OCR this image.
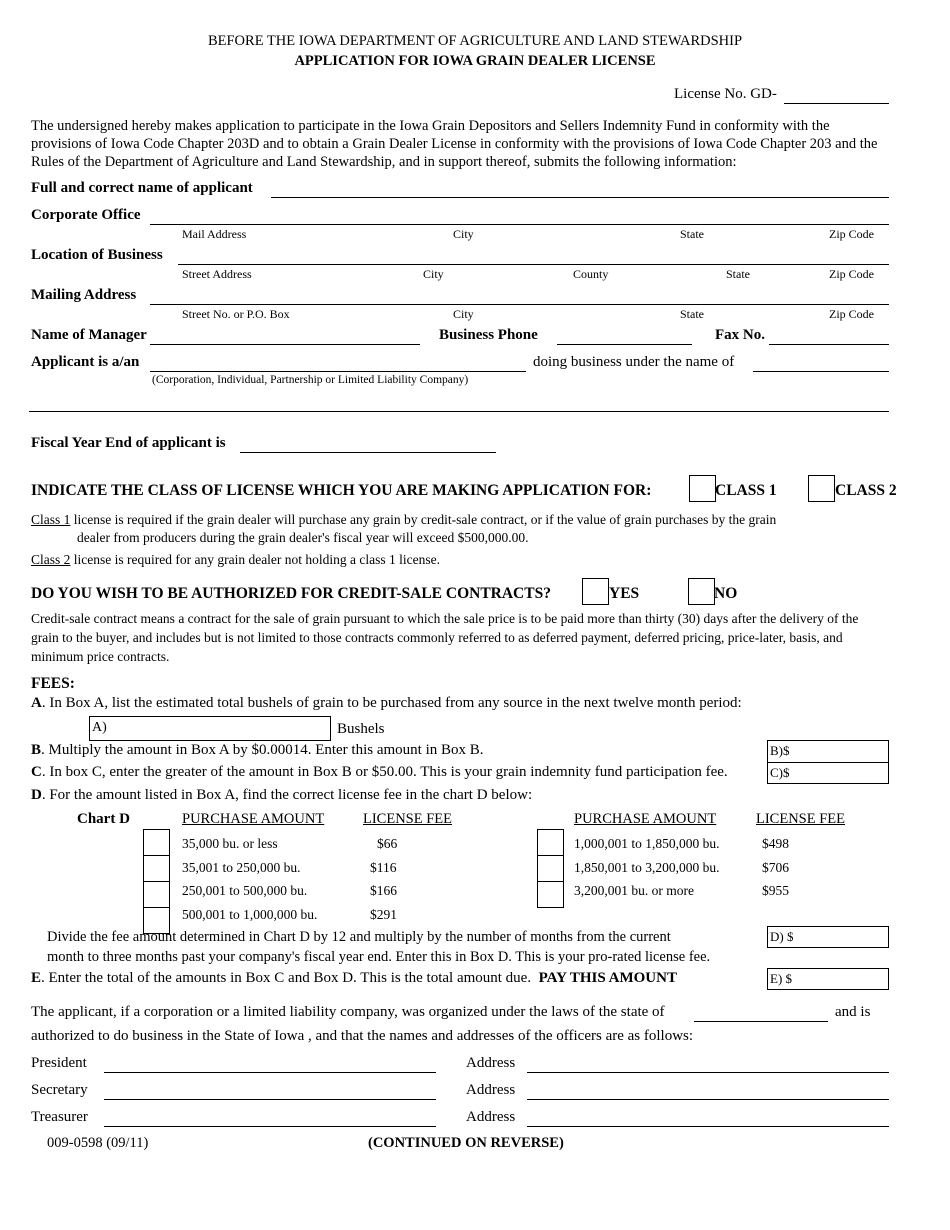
BEFORE THE IOWA DEPARTMENT OF AGRICULTURE AND LAND STEWARDSHIP
APPLICATION FOR IOWA GRAIN DEALER LICENSE
License No. GD-
The undersigned hereby makes application to participate in the Iowa Grain Depositors and Sellers Indemnity Fund in conformity with the provisions of Iowa Code Chapter 203D and to obtain a Grain Dealer License in conformity with the provisions of Iowa Code Chapter 203 and the Rules of the Department of Agriculture and Land Stewardship, and in support thereof, submits the following information:
Full and correct name of applicant
Corporate Office
Mail Address	City	State	Zip Code
Location of Business
Street Address	City	County	State	Zip Code
Mailing Address
Street No. or P.O. Box	City	State	Zip Code
Name of Manager	Business Phone	Fax No.
Applicant is a/an	doing business under the name of
(Corporation, Individual, Partnership or Limited Liability Company)
Fiscal Year End of applicant is
INDICATE THE CLASS OF LICENSE WHICH YOU ARE MAKING APPLICATION FOR:	CLASS 1	CLASS 2
Class 1 license is required if the grain dealer will purchase any grain by credit-sale contract, or if the value of grain purchases by the grain
dealer from producers during the grain dealer's fiscal year will exceed $500,000.00.
Class 2 license is required for any grain dealer not holding a class 1 license.
DO YOU WISH TO BE AUTHORIZED FOR CREDIT-SALE CONTRACTS?	YES	NO
Credit-sale contract means a contract for the sale of grain pursuant to which the sale price is to be paid more than thirty (30) days after the delivery of the grain to the buyer, and includes but is not limited to those contracts commonly referred to as deferred payment, deferred pricing, price-later, basis, and minimum price contracts.
FEES:
A. In Box A, list the estimated total bushels of grain to be purchased from any source in the next twelve month period:
A)	Bushels
B. Multiply the amount in Box A by $0.00014. Enter this amount in Box B.	B)$
C. In box C, enter the greater of the amount in Box B or $50.00. This is your grain indemnity fund participation fee.	C)$
D. For the amount listed in Box A, find the correct license fee in the chart D below:
Chart D	PURCHASE AMOUNT	LICENSE FEE	PURCHASE AMOUNT	LICENSE FEE
35,000 bu. or less	$66
35,001 to 250,000 bu.	$116
250,001 to 500,000 bu.	$166
500,001 to 1,000,000 bu.	$291
1,000,001 to 1,850,000 bu.	$498
1,850,001 to 3,200,000 bu.	$706
3,200,001 bu. or more	$955
Divide the fee amount determined in Chart D by 12 and multiply by the number of months from the current
month to three months past your company's fiscal year end. Enter this in Box D. This is your pro-rated license fee.
D) $
E. Enter the total of the amounts in Box C and Box D. This is the total amount due. PAY THIS AMOUNT	E) $
The applicant, if a corporation or a limited liability company, was organized under the laws of the state of	and is
authorized to do business in the State of Iowa , and that the names and addresses of the officers are as follows:
President	Address
Secretary	Address
Treasurer	Address
009-0598 (09/11)	(CONTINUED ON REVERSE)
